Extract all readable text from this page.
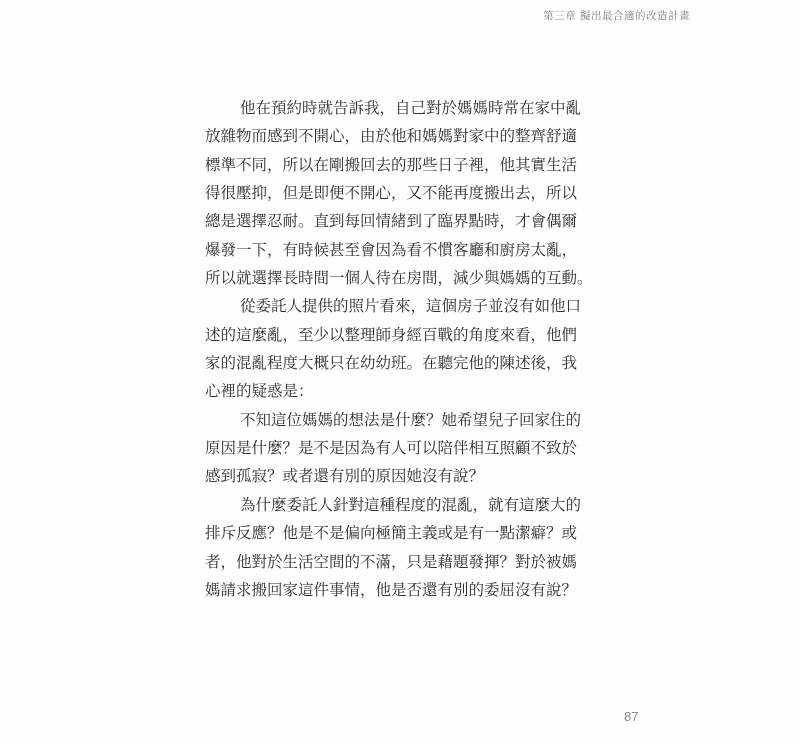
第三章 擬出最合適的改造計畫
他在預約時就告訴我，自己對於媽媽時常在家中亂
放雜物而感到不開心，由於他和媽媽對家中的整齊舒適
標準不同，所以在剛搬回去的那些日子裡，他其實生活
得很壓抑，但是即便不開心，又不能再度搬出去，所以
總是選擇忍耐。直到每回情緒到了臨界點時，才會偶爾
爆發一下，有時候甚至會因為看不慣客廳和廚房太亂，
所以就選擇長時間一個人待在房間，減少與媽媽的互動。
從委託人提供的照片看來，這個房子並沒有如他口
述的這麼亂，至少以整理師身經百戰的角度來看，他們
家的混亂程度大概只在幼幼班。在聽完他的陳述後，我
心裡的疑惑是：
不知這位媽媽的想法是什麼？她希望兒子回家住的
原因是什麼？是不是因為有人可以陪伴相互照顧不致於
感到孤寂？或者還有別的原因她沒有說？
為什麼委託人針對這種程度的混亂，就有這麼大的
排斥反應？他是不是偏向極簡主義或是有一點潔癖？或
者，他對於生活空間的不滿，只是藉題發揮？對於被媽
媽請求搬回家這件事情，他是否還有別的委屈沒有說？
87
